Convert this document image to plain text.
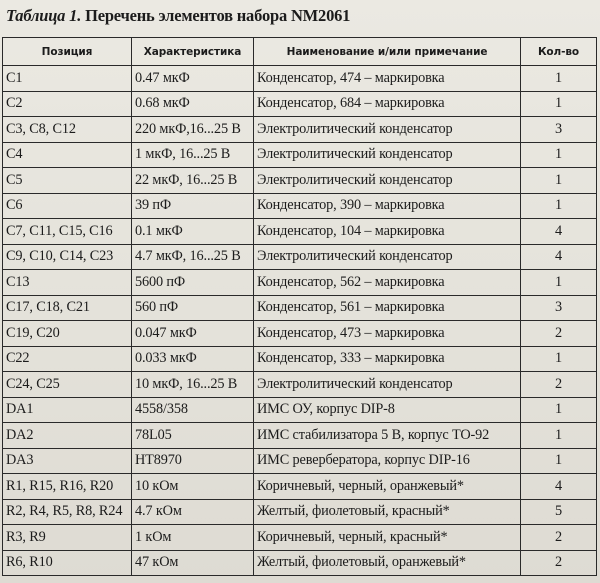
Таблица 1. Перечень элементов набора NM2061
Позиция	Характеристика	Наименование и/или примечание	Кол-во
C1	0.47 мкФ	Конденсатор, 474 – маркировка	1
C2	0.68 мкФ	Конденсатор, 684 – маркировка	1
C3, C8, C12	220 мкФ,16...25 В	Электролитический конденсатор	3
C4	1 мкФ, 16...25 В	Электролитический конденсатор	1
C5	22 мкФ, 16...25 В	Электролитический конденсатор	1
C6	39 пФ	Конденсатор, 390 – маркировка	1
C7, C11, C15, C16	0.1 мкФ	Конденсатор, 104 – маркировка	4
C9, C10, C14, C23	4.7 мкФ, 16...25 В	Электролитический конденсатор	4
C13	5600 пФ	Конденсатор, 562 – маркировка	1
C17, C18, C21	560 пФ	Конденсатор, 561 – маркировка	3
C19, C20	0.047 мкФ	Конденсатор, 473 – маркировка	2
C22	0.033 мкФ	Конденсатор, 333 – маркировка	1
C24, C25	10 мкФ, 16...25 В	Электролитический конденсатор	2
DA1	4558/358	ИМС ОУ, корпус DIP-8	1
DA2	78L05	ИМС стабилизатора 5 В, корпус TO-92	1
DA3	HT8970	ИМС ревербератора, корпус DIP-16	1
R1, R15, R16, R20	10 кОм	Коричневый, черный, оранжевый*	4
R2, R4, R5, R8, R24	4.7 кОм	Желтый, фиолетовый, красный*	5
R3, R9	1 кОм	Коричневый, черный, красный*	2
R6, R10	47 кОм	Желтый, фиолетовый, оранжевый*	2
